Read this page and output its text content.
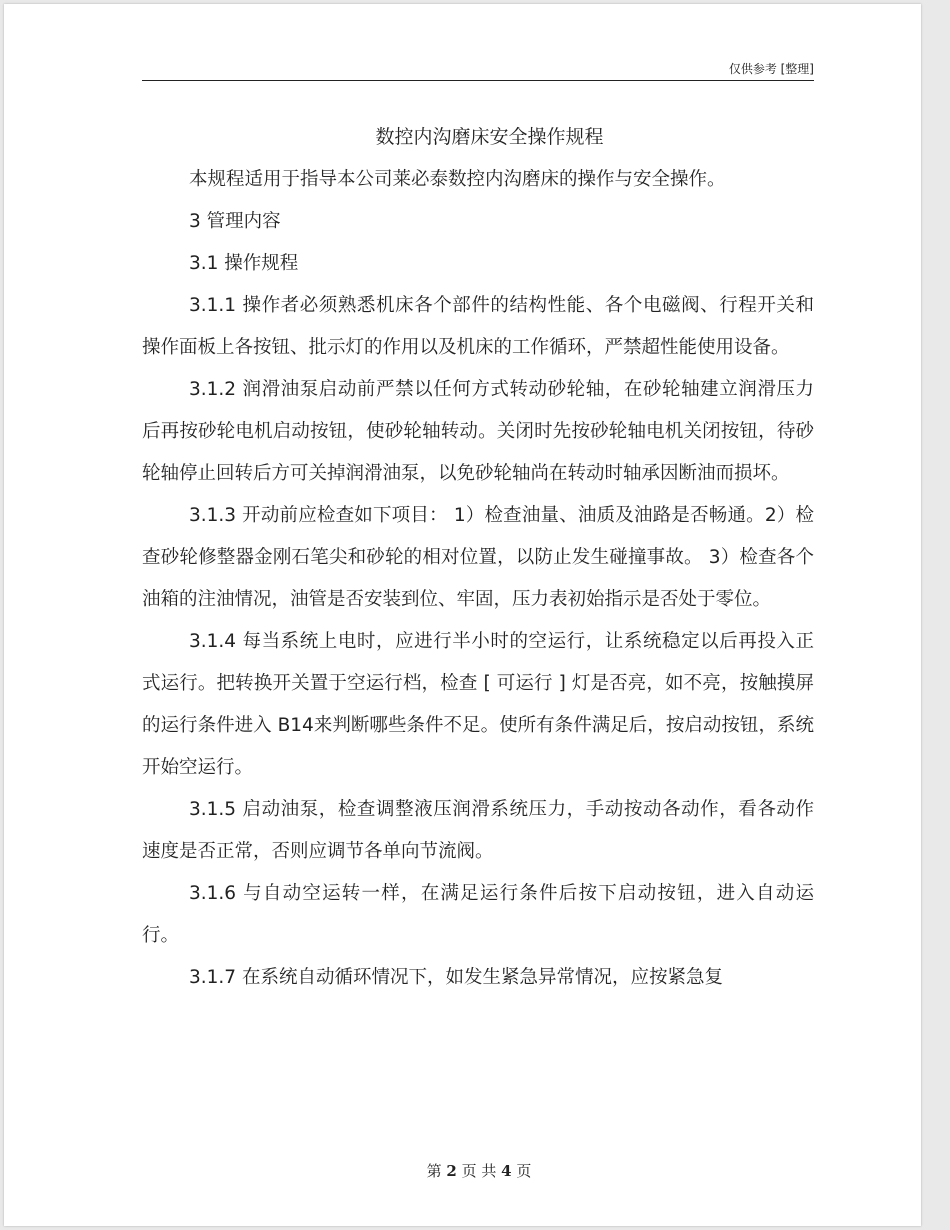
仅供参考 [整理]
数控内沟磨床安全操作规程

本规程适用于指导本公司莱必泰数控内沟磨床的操作与安全操作。

3 管理内容

3.1 操作规程

3.1.1 操作者必须熟悉机床各个部件的结构性能、各个电磁阀、行程开关和操作面板上各按钮、批示灯的作用以及机床的工作循环，严禁超性能使用设备。

3.1.2 润滑油泵启动前严禁以任何方式转动砂轮轴，在砂轮轴建立润滑压力后再按砂轮电机启动按钮，使砂轮轴转动。关闭时先按砂轮轴电机关闭按钮，待砂轮轴停止回转后方可关掉润滑油泵，以免砂轮轴尚在转动时轴承因断油而损坏。

3.1.3 开动前应检查如下项目： 1）检查油量、油质及油路是否畅通。2）检查砂轮修整器金刚石笔尖和砂轮的相对位置，以防止发生碰撞事故。 3）检查各个油箱的注油情况，油管是否安装到位、牢固，压力表初始指示是否处于零位。

3.1.4 每当系统上电时，应进行半小时的空运行，让系统稳定以后再投入正式运行。把转换开关置于空运行档，检查 [ 可运行 ] 灯是否亮，如不亮，按触摸屏的运行条件进入 B14来判断哪些条件不足。使所有条件满足后，按启动按钮，系统开始空运行。

3.1.5 启动油泵，检查调整液压润滑系统压力，手动按动各动作，看各动作速度是否正常，否则应调节各单向节流阀。

3.1.6 与自动空运转一样，在满足运行条件后按下启动按钮，进入自动运行。

3.1.7 在系统自动循环情况下，如发生紧急异常情况，应按紧急复

第 2 页 共 4 页
